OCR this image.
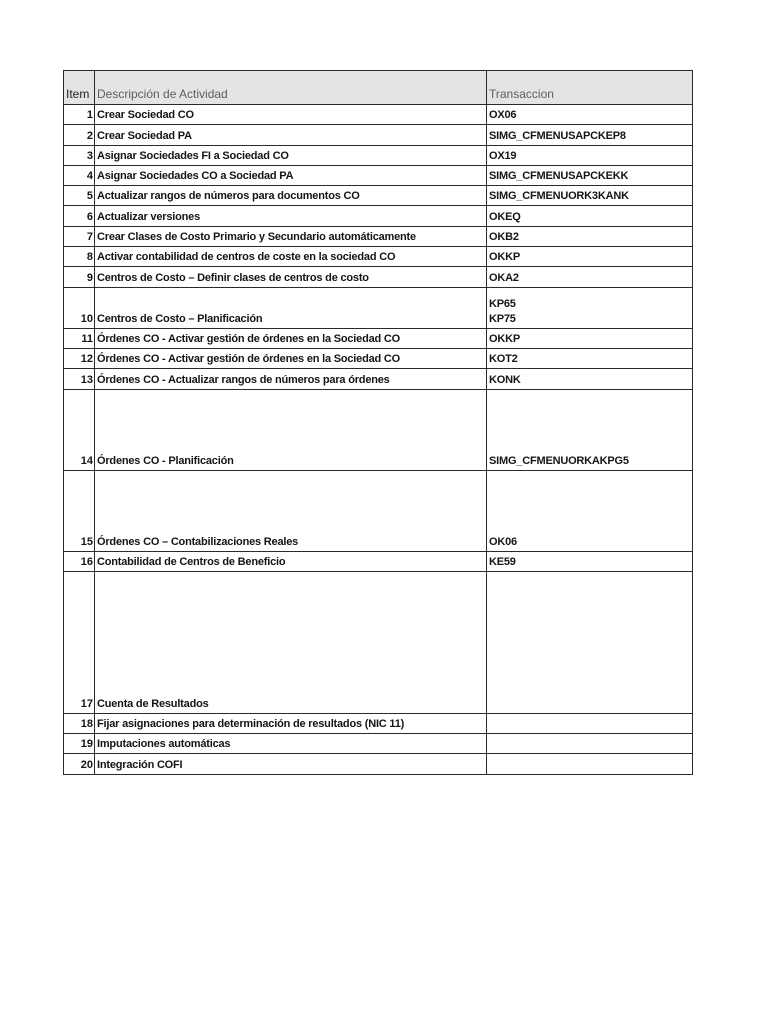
Item	Descripción de Actividad	Transaccion
1	Crear Sociedad CO	OX06
2	Crear Sociedad PA	SIMG_CFMENUSAPCKEP8
3	Asignar Sociedades FI a Sociedad CO	OX19
4	Asignar Sociedades CO a Sociedad PA	SIMG_CFMENUSAPCKEKK
5	Actualizar rangos de números para documentos CO	SIMG_CFMENUORK3KANK
6	Actualizar versiones	OKEQ
7	Crear Clases de Costo Primario y Secundario automáticamente	OKB2
8	Activar contabilidad de centros de coste en la sociedad CO	OKKP
9	Centros de Costo – Definir clases de centros de costo	OKA2
10	Centros de Costo – Planificación	KP65
KP75
11	Órdenes CO - Activar gestión de órdenes en la Sociedad CO	OKKP
12	Órdenes CO - Activar gestión de órdenes en la Sociedad CO	KOT2
13	Órdenes CO - Actualizar rangos de números para órdenes	KONK
14	Órdenes CO - Planificación	SIMG_CFMENUORKAKPG5
15	Órdenes CO – Contabilizaciones Reales	OK06
16	Contabilidad de Centros de Beneficio	KE59
17	Cuenta de Resultados	
18	Fijar asignaciones para determinación de resultados (NIC 11)	
19	Imputaciones automáticas	
20	Integración COFI	
